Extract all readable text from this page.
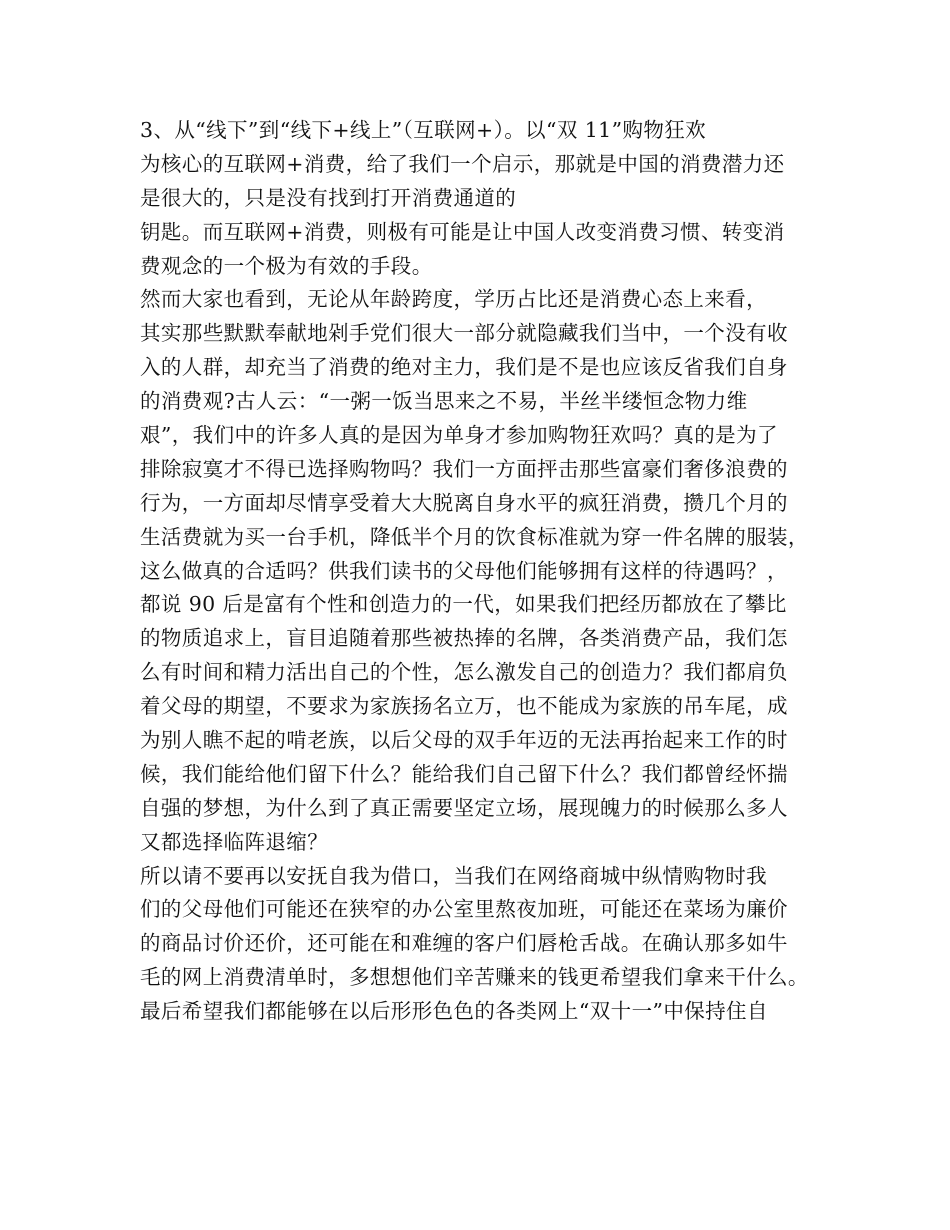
3、从“线下”到“线下+线上”（互联网+）。以“双 11”购物狂欢
为核心的互联网+消费，给了我们一个启示，那就是中国的消费潜力还
是很大的，只是没有找到打开消费通道的
钥匙。而互联网+消费，则极有可能是让中国人改变消费习惯、转变消
费观念的一个极为有效的手段。
然而大家也看到，无论从年龄跨度，学历占比还是消费心态上来看，
其实那些默默奉献地剁手党们很大一部分就隐藏我们当中，一个没有收
入的人群，却充当了消费的绝对主力，我们是不是也应该反省我们自身
的消费观?古人云：“一粥一饭当思来之不易，半丝半缕恒念物力维
艰”，我们中的许多人真的是因为单身才参加购物狂欢吗？真的是为了
排除寂寞才不得已选择购物吗？我们一方面抨击那些富豪们奢侈浪费的
行为，一方面却尽情享受着大大脱离自身水平的疯狂消费，攒几个月的
生活费就为买一台手机，降低半个月的饮食标准就为穿一件名牌的服装，
这么做真的合适吗？供我们读书的父母他们能够拥有这样的待遇吗？，
都说 90 后是富有个性和创造力的一代，如果我们把经历都放在了攀比
的物质追求上，盲目追随着那些被热捧的名牌，各类消费产品，我们怎
么有时间和精力活出自己的个性，怎么激发自己的创造力？我们都肩负
着父母的期望，不要求为家族扬名立万，也不能成为家族的吊车尾，成
为别人瞧不起的啃老族，以后父母的双手年迈的无法再抬起来工作的时
候，我们能给他们留下什么？能给我们自己留下什么？我们都曾经怀揣
自强的梦想，为什么到了真正需要坚定立场，展现魄力的时候那么多人
又都选择临阵退缩？
所以请不要再以安抚自我为借口，当我们在网络商城中纵情购物时我
们的父母他们可能还在狭窄的办公室里熬夜加班，可能还在菜场为廉价
的商品讨价还价，还可能在和难缠的客户们唇枪舌战。在确认那多如牛
毛的网上消费清单时，多想想他们辛苦赚来的钱更希望我们拿来干什么。
最后希望我们都能够在以后形形色色的各类网上“双十一”中保持住自
